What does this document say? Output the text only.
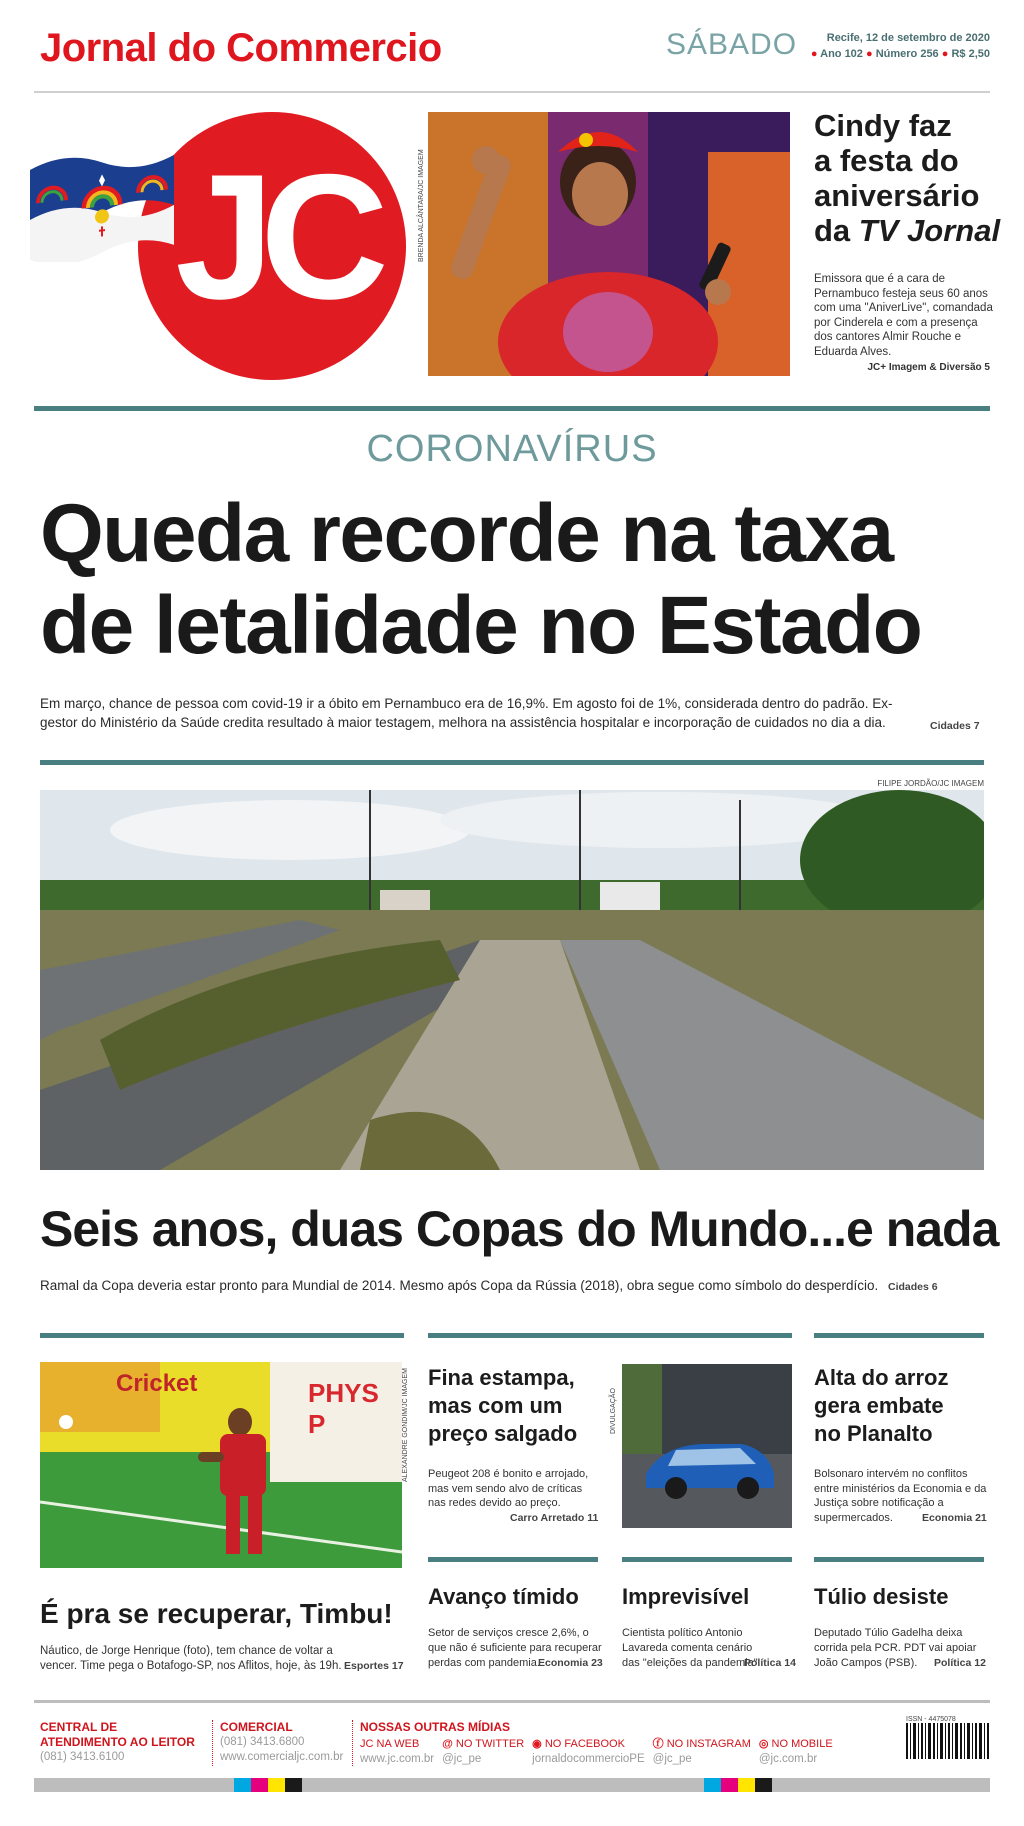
Jornal do Commercio	SÁBADO	Recife, 12 de setembro de 2020
● Ano 102 ● Número 256 ● R$ 2,50
JC	BRENDA ALCÂNTARA/JC IMAGEM
Cindy faz
a festa do
aniversário
da TV Jornal
Emissora que é a cara de Pernambuco festeja seus 60 anos com uma "AniverLive", comandada por Cinderela e com a presença dos cantores Almir Rouche e Eduarda Alves.
JC+ Imagem & Diversão 5
CORONAVÍRUS
Queda recorde na taxa
de letalidade no Estado
Em março, chance de pessoa com covid-19 ir a óbito em Pernambuco era de 16,9%. Em agosto foi de 1%, considerada dentro do padrão. Ex-gestor do Ministério da Saúde credita resultado à maior testagem, melhora na assistência hospitalar e incorporação de cuidados no dia a dia.	Cidades 7
FILIPE JORDÃO/JC IMAGEM
Seis anos, duas Copas do Mundo...e nada
Ramal da Copa deveria estar pronto para Mundial de 2014. Mesmo após Copa da Rússia (2018), obra segue como símbolo do desperdício. Cidades 6
ALEXANDRE GONDIM/JC IMAGEM
Cricket	PHYS P
É pra se recuperar, Timbu!
Náutico, de Jorge Henrique (foto), tem chance de voltar a vencer. Time pega o Botafogo-SP, nos Aflitos, hoje, às 19h. Esportes 17
Fina estampa,
mas com um
preço salgado
Peugeot 208 é bonito e arrojado, mas vem sendo alvo de críticas nas redes devido ao preço.
Carro Arretado 11
DIVULGAÇÃO
Alta do arroz
gera embate
no Planalto
Bolsonaro intervém no conflitos entre ministérios da Economia e da Justiça sobre notificação a supermercados.	Economia 21
Avanço tímido
Setor de serviços cresce 2,6%, o que não é suficiente para recuperar perdas com pandemia.
Economia 23
Imprevisível
Cientista político Antonio Lavareda comenta cenário das "eleições da pandemia"
Política 14
Túlio desiste
Deputado Túlio Gadelha deixa corrida pela PCR. PDT vai apoiar João Campos (PSB).	Política 12
CENTRAL DE
ATENDIMENTO AO LEITOR
(081) 3413.6100
COMERCIAL
(081) 3413.6800
www.comercialjc.com.br
NOSSAS OUTRAS MÍDIAS
JC NA WEB
www.jc.com.br
@ NO TWITTER
@jc_pe
◉ NO FACEBOOK
jornaldocommercioPE
ⓕ NO INSTAGRAM
@jc_pe
◎ NO MOBILE
@jc.com.br
ISSN - 4475078
